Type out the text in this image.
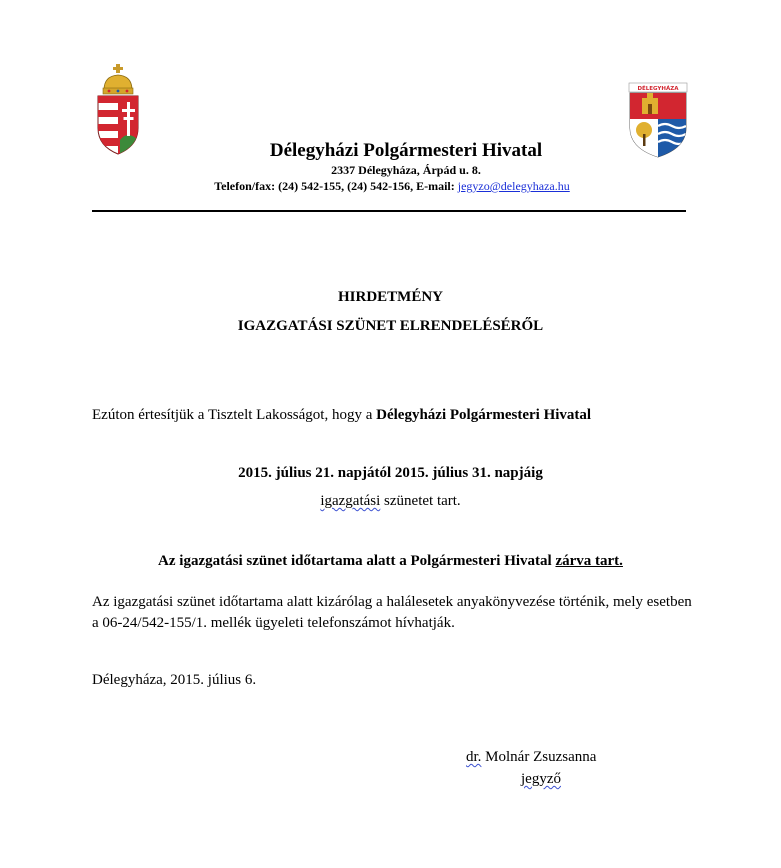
DÉLEGYHÁZA
Délegyházi Polgármesteri Hivatal
2337 Délegyháza, Árpád u. 8.
Telefon/fax: (24) 542-155, (24) 542-156, E-mail: jegyzo@delegyhaza.hu
HIRDETMÉNY
IGAZGATÁSI SZÜNET ELRENDELÉSÉRŐL
Ezúton értesítjük a Tisztelt Lakosságot, hogy a Délegyházi Polgármesteri Hivatal
2015. július 21. napjától 2015. július 31. napjáig
igazgatási szünetet tart.
Az igazgatási szünet időtartama alatt a Polgármesteri Hivatal zárva tart.
Az igazgatási szünet időtartama alatt kizárólag a halálesetek anyakönyvezése történik, mely esetben a 06-24/542-155/1. mellék ügyeleti telefonszámot hívhatják.
Délegyháza, 2015. július 6.
dr. Molnár Zsuzsanna
jegyző
